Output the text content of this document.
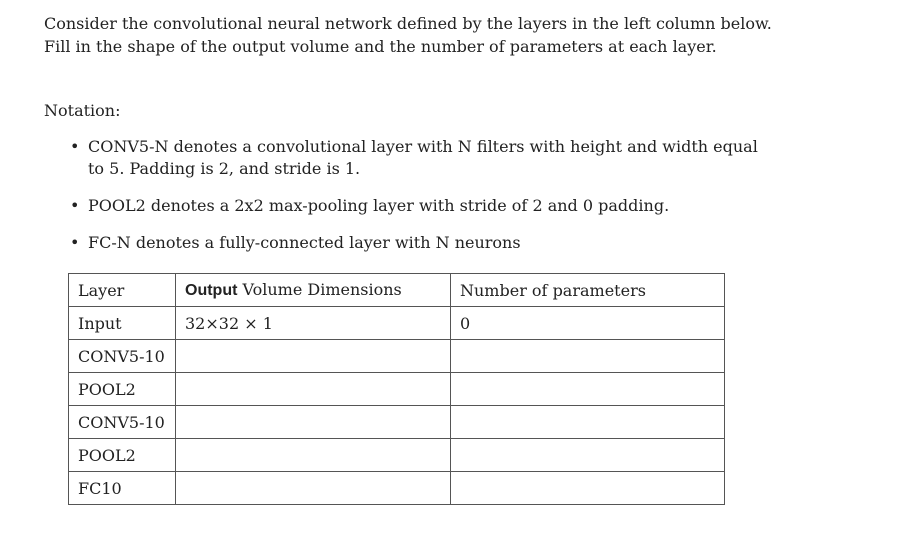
Consider the convolutional neural network defined by the layers in the left column below.

Fill in the shape of the output volume and the number of parameters at each layer.

Notation:
• CONV5-N denotes a convolutional layer with N filters with height and width equal to 5. Padding is 2, and stride is 1.
• POOL2 denotes a 2x2 max-pooling layer with stride of 2 and 0 padding.
• FC-N denotes a fully-connected layer with N neurons
Layer	Output Volume Dimensions	Number of parameters
Input	32×32 × 1	0
CONV5-10		
POOL2		
CONV5-10		
POOL2		
FC10		
